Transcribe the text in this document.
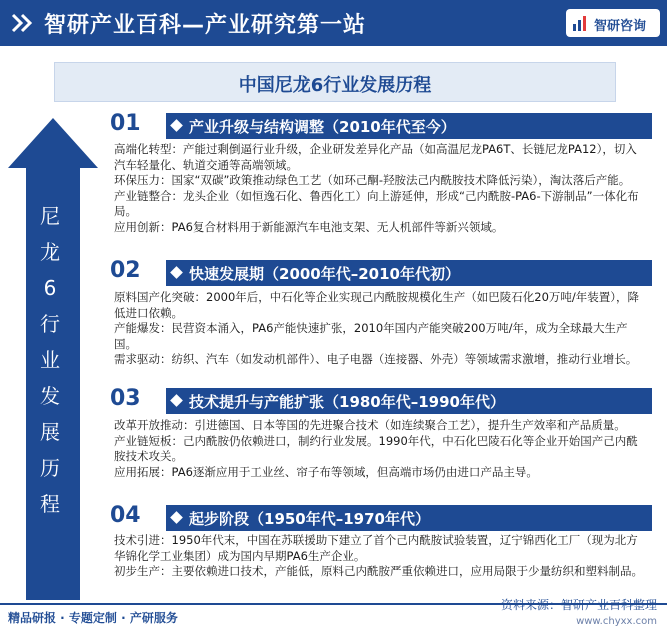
智研产业百科—产业研究第一站	智研咨询
中国尼龙6行业发展历程
尼
龙
6
行
业
发
展
历
程
01	产业升级与结构调整（2010年代至今）
高端化转型：产能过剩倒逼行业升级，企业研发差异化产品（如高温尼龙PA6T、长链尼龙PA12），切入汽车轻量化、轨道交通等高端领域。
环保压力：国家“双碳”政策推动绿色工艺（如环己酮-羟胺法己内酰胺技术降低污染），淘汰落后产能。
产业链整合：龙头企业（如恒逸石化、鲁西化工）向上游延伸，形成“己内酰胺-PA6-下游制品”一体化布局。
应用创新：PA6复合材料用于新能源汽车电池支架、无人机部件等新兴领域。
02	快速发展期（2000年代–2010年代初）
原料国产化突破：2000年后，中石化等企业实现己内酰胺规模化生产（如巴陵石化20万吨/年装置），降低进口依赖。
产能爆发：民营资本涌入，PA6产能快速扩张，2010年国内产能突破200万吨/年，成为全球最大生产国。
需求驱动：纺织、汽车（如发动机部件）、电子电器（连接器、外壳）等领域需求激增，推动行业增长。
03	技术提升与产能扩张（1980年代–1990年代）
改革开放推动：引进德国、日本等国的先进聚合技术（如连续聚合工艺），提升生产效率和产品质量。
产业链短板：己内酰胺仍依赖进口，制约行业发展。1990年代，中石化巴陵石化等企业开始国产己内酰胺技术攻关。
应用拓展：PA6逐渐应用于工业丝、帘子布等领域，但高端市场仍由进口产品主导。
04	起步阶段（1950年代–1970年代）
技术引进：1950年代末，中国在苏联援助下建立了首个己内酰胺试验装置，辽宁锦西化工厂（现为北方华锦化学工业集团）成为国内早期PA6生产企业。
初步生产：主要依赖进口技术，产能低，原料己内酰胺严重依赖进口，应用局限于少量纺织和塑料制品。
精品研报 · 专题定制 · 产研服务
资料来源：智研产业百科整理
www.chyxx.com
